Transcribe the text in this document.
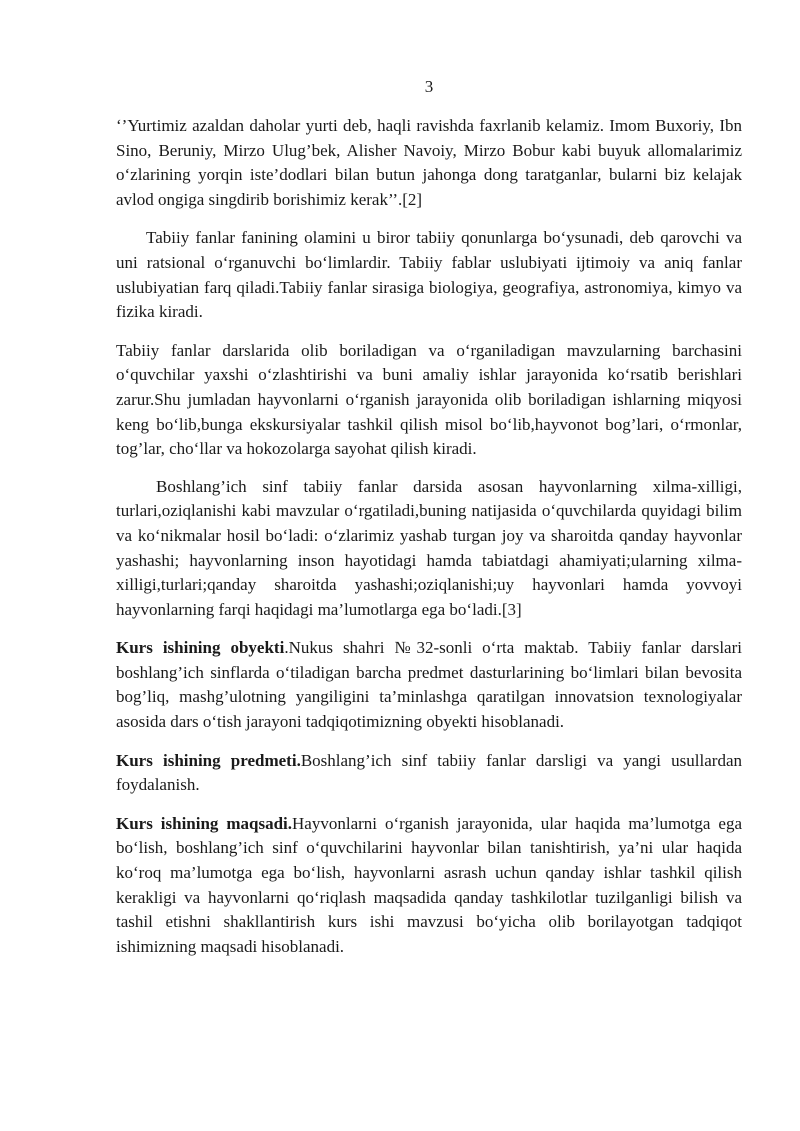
3

‘’Yurtimiz azaldan daholar yurti deb, haqli ravishda faxrlanib kelamiz. Imom Buxoriy, Ibn Sino, Beruniy, Mirzo Ulug’bek, Alisher Navoiy, Mirzo Bobur kabi buyuk allomalarimiz o‘zlarining yorqin iste’dodlari bilan butun jahonga dong taratganlar, bularni biz kelajak avlod ongiga singdirib borishimiz kerak’’.[2]

Tabiiy fanlar fanining olamini u biror tabiiy qonunlarga bo‘ysunadi, deb qarovchi va uni ratsional o‘rganuvchi bo‘limlardir. Tabiiy fablar uslubiyati ijtimoiy va aniq fanlar uslubiyatian farq qiladi.Tabiiy fanlar sirasiga biologiya, geografiya, astronomiya, kimyo va fizika kiradi.

Tabiiy fanlar darslarida olib boriladigan va o‘rganiladigan mavzularning barchasini o‘quvchilar yaxshi o‘zlashtirishi va buni amaliy ishlar jarayonida ko‘rsatib berishlari zarur.Shu jumladan hayvonlarni o‘rganish jarayonida olib boriladigan ishlarning miqyosi keng bo‘lib,bunga ekskursiyalar tashkil qilish misol bo‘lib,hayvonot bog’lari, o‘rmonlar, tog’lar, cho‘llar va hokozolarga sayohat qilish kiradi.

Boshlang’ich sinf tabiiy fanlar darsida asosan hayvonlarning xilma-xilligi, turlari,oziqlanishi kabi mavzular o‘rgatiladi,buning natijasida o‘quvchilarda quyidagi bilim va ko‘nikmalar hosil bo‘ladi: o‘zlarimiz yashab turgan joy va sharoitda qanday hayvonlar yashashi; hayvonlarning inson hayotidagi hamda tabiatdagi ahamiyati;ularning xilma-xilligi,turlari;qanday sharoitda yashashi;oziqlanishi;uy hayvonlari hamda yovvoyi hayvonlarning farqi haqidagi ma’lumotlarga ega bo‘ladi.[3]

Kurs ishining obyekti.Nukus shahri №32-sonli o‘rta maktab. Tabiiy fanlar darslari boshlang’ich sinflarda o‘tiladigan barcha predmet dasturlarining bo‘limlari bilan bevosita bog’liq, mashg’ulotning yangiligini ta’minlashga qaratilgan innovatsion texnologiyalar asosida dars o‘tish jarayoni tadqiqotimizning obyekti hisoblanadi.

Kurs ishining predmeti.Boshlang’ich sinf tabiiy fanlar darsligi va yangi usullardan foydalanish.

Kurs ishining maqsadi.Hayvonlarni o‘rganish jarayonida, ular haqida ma’lumotga ega bo‘lish, boshlang’ich sinf o‘quvchilarini hayvonlar bilan tanishtirish, ya’ni ular haqida ko‘roq ma’lumotga ega bo‘lish, hayvonlarni asrash uchun qanday ishlar tashkil qilish kerakligi va hayvonlarni qo‘riqlash maqsadida qanday tashkilotlar tuzilganligi bilish va tashil etishni shakllantirish kurs ishi mavzusi bo‘yicha olib borilayotgan tadqiqot ishimizning maqsadi hisoblanadi.
